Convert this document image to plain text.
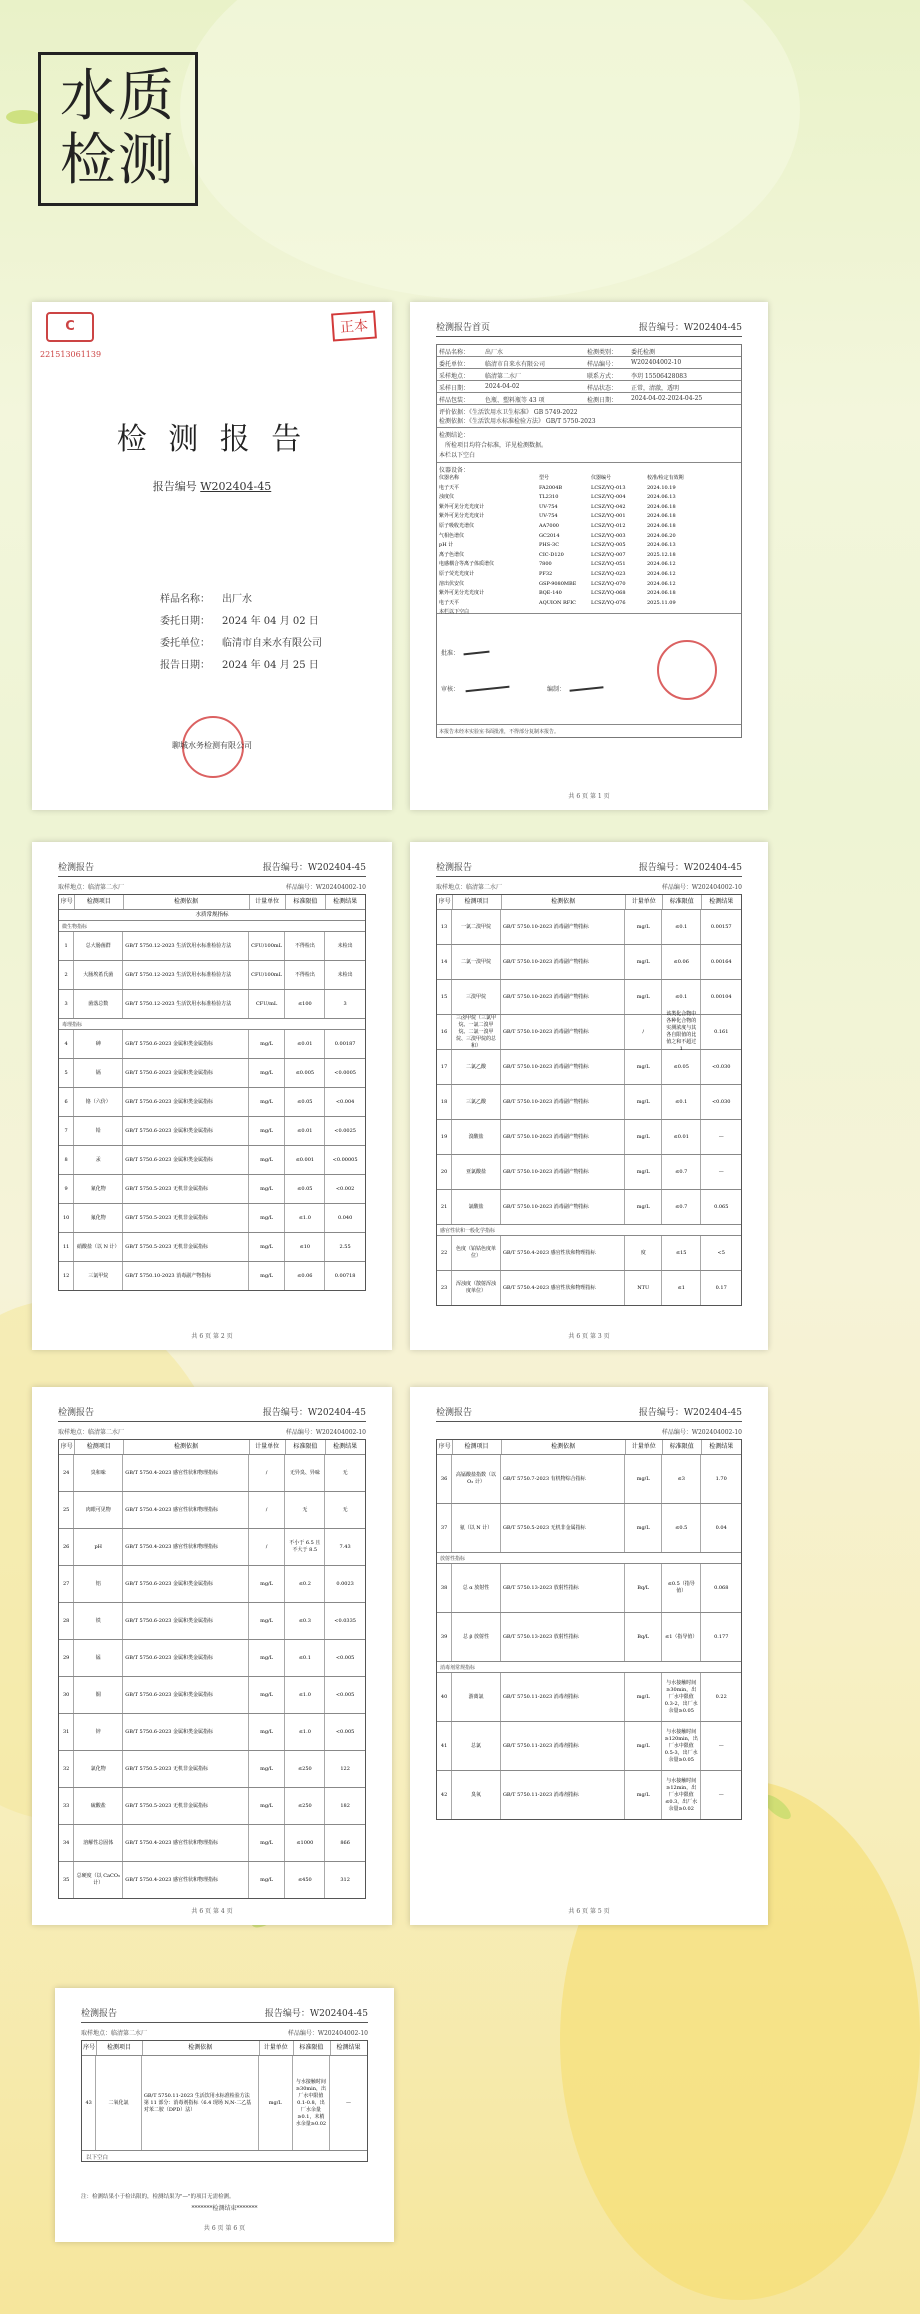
水质
检测
C
221513061139
正本
检 测 报 告
报告编号 W202404-45
样品名称： 出厂水
委托日期： 2024 年 04 月 02 日
委托单位： 临清市自来水有限公司
报告日期： 2024 年 04 月 25 日
聊城水务检测有限公司
检测报告首页	报告编号：W202404-45
样品名称：	出厂水	检测类别： 委托检测
委托单位：	临清市自来水有限公司	样品编号： W202404002-10
采样地点：	临清第二水厂	联系方式： 李玥 15506428083
采样日期：	2024-04-02	样品状态： 正常，清澈，透明
样品包装：	色瓶、塑料瓶等 43 项	检测日期： 2024-04-02-2024-04-25
评价依据：《生活饮用水卫生标准》 GB 5749-2022
检测依据：《生活饮用水标准检验方法》 GB/T 5750-2023
检测结论：
所检项目均符合标准，详见检测数据。
本栏以下空白
仪器设备：
仪器名称	型号	仪器编号	校准/检定有效期
电子天平	FA2004B	LCSZ/YQ-013	2024.10.19
浊度仪	TL2310	LCSZ/YQ-004	2024.06.13
紫外可见分光光度计	UV-754	LCSZ/YQ-042	2024.06.18
紫外可见分光光度计	UV-754	LCSZ/YQ-001	2024.06.18
原子吸收光谱仪	AA7000	LCSZ/YQ-012	2024.06.18
气相色谱仪	GC2014	LCSZ/YQ-003	2024.06.20
pH 计	PHS-3C	LCSZ/YQ-005	2024.06.13
离子色谱仪	CIC-D120	LCSZ/YQ-007	2025.12.18
电感耦合等离子体质谱仪	7800	LCSZ/YQ-051	2024.06.12
原子荧光光度计	PF32	LCSZ/YQ-023	2024.06.12
溶出伏安仪	GSP-9080MBE	LCSZ/YQ-070	2024.06.12
紫外可见分光光度计	BQE-140	LCSZ/YQ-068	2024.06.18
电子天平	AQUION RFIC	LCSZ/YQ-076	2025.11.09
本栏以下空白
批准：
审核：	编制：
本报告未经本实验室书面批准，不得部分复制本报告。
共 6 页 第 1 页
检测报告	报告编号：W202404-45
取样地点：临清第二水厂	样品编号：W202404002-10
序号	检测项目	检测依据	计量单位	标准限值	检测结果
水质常规指标
微生物指标
1	总大肠菌群	GB/T 5750.12-2023 生活饮用水标准检验方法	CFU/100mL	不得检出	未检出
2	大肠埃希氏菌 GB/T 5750.12-2023 生活饮用水标准检验方法	CFU/100mL	不得检出	未检出
3	菌落总数	GB/T 5750.12-2023 生活饮用水标准检验方法	CFU/mL	≤100	3
毒理指标
4	砷	GB/T 5750.6-2023 金属和类金属指标	mg/L	≤0.01	0.00187
5	镉	GB/T 5750.6-2023 金属和类金属指标	mg/L	≤0.005	<0.0005
6	铬（六价）	GB/T 5750.6-2023 金属和类金属指标	mg/L	≤0.05	<0.004
7	铅	GB/T 5750.6-2023 金属和类金属指标	mg/L	≤0.01	<0.0025
8	汞	GB/T 5750.6-2023 金属和类金属指标	mg/L	≤0.001	<0.00005
9	氰化物	GB/T 5750.5-2023 无机非金属指标	mg/L	≤0.05	<0.002
10	氟化物	GB/T 5750.5-2023 无机非金属指标	mg/L	≤1.0	0.040
11 硝酸盐（以 N 计） GB/T 5750.5-2023 无机非金属指标	mg/L	≤10	2.55
12	三氯甲烷	GB/T 5750.10-2023 消毒副产物指标	mg/L	≤0.06	0.00718
共 6 页 第 2 页
检测报告	报告编号：W202404-45
取样地点：临清第二水厂	样品编号：W202404002-10
序号	检测项目	检测依据	计量单位	标准限值	检测结果
13	一氯二溴甲烷 GB/T 5750.10-2023 消毒副产物指标	mg/L	≤0.1	0.00157
14	二氯一溴甲烷 GB/T 5750.10-2023 消毒副产物指标	mg/L	≤0.06	0.00164
15	三溴甲烷	GB/T 5750.10-2023 消毒副产物指标	mg/L	≤0.1	0.00104
16
三卤甲烷（三氯甲烷、一氯二溴甲烷、二氯一溴甲烷、三溴甲烷的总和）
GB/T 5750.10-2023 消毒副产物指标	/
该类化合物中各种化合物的实测浓度与其各自限值的比值之和不超过 1
0.161
17	二氯乙酸	GB/T 5750.10-2023 消毒副产物指标	mg/L	≤0.05	<0.030
18	三氯乙酸	GB/T 5750.10-2023 消毒副产物指标	mg/L	≤0.1	<0.030
19	溴酸盐	GB/T 5750.10-2023 消毒副产物指标	mg/L	≤0.01	—
20	亚氯酸盐	GB/T 5750.10-2023 消毒副产物指标	mg/L	≤0.7	—
21	氯酸盐	GB/T 5750.10-2023 消毒副产物指标	mg/L	≤0.7	0.065
感官性状和一般化学指标
22
色度（铂钴色度单位）
GB/T 5750.4-2023 感官性状和物理指标	度	≤15	<5
23
浑浊度（散射浑浊度单位）
GB/T 5750.4-2023 感官性状和物理指标	NTU	≤1	0.17
共 6 页 第 3 页
检测报告	报告编号：W202404-45
取样地点：临清第二水厂	样品编号：W202404002-10
序号	检测项目	检测依据	计量单位	标准限值	检测结果
24	臭和味	GB/T 5750.4-2023 感官性状和物理指标	/	无异臭、异味	无
25	肉眼可见物	GB/T 5750.4-2023 感官性状和物理指标	/	无	无
26	pH	GB/T 5750.4-2023 感官性状和物理指标	/
不小于 6.5 且不大于 8.5
7.43
27	铝	GB/T 5750.6-2023 金属和类金属指标	mg/L	≤0.2	0.0023
28	铁	GB/T 5750.6-2023 金属和类金属指标	mg/L	≤0.3	<0.0335
29	锰	GB/T 5750.6-2023 金属和类金属指标	mg/L	≤0.1	<0.005
30	铜	GB/T 5750.6-2023 金属和类金属指标	mg/L	≤1.0	<0.005
31	锌	GB/T 5750.6-2023 金属和类金属指标	mg/L	≤1.0	<0.005
32	氯化物	GB/T 5750.5-2023 无机非金属指标	mg/L	≤250	122
33	硫酸盐	GB/T 5750.5-2023 无机非金属指标	mg/L	≤250	182
34	溶解性总固体 GB/T 5750.4-2023 感官性状和物理指标	mg/L	≤1000	866
35
总硬度（以 CaCO₃ 计）
GB/T 5750.4-2023 感官性状和物理指标	mg/L	≤450	312
共 6 页 第 4 页
检测报告	报告编号：W202404-45
样品编号：W202404002-10
序号	检测项目	检测依据	计量单位	标准限值	检测结果
36
高锰酸盐指数（以 O₂ 计）
GB/T 5750.7-2023 有机物综合指标	mg/L	≤3	1.70
37 氨（以 N 计） GB/T 5750.5-2023 无机非金属指标	mg/L	≤0.5	0.04
放射性指标
38	总 α 放射性	GB/T 5750.13-2023 放射性指标	Bq/L
≤0.5（指导值）
0.068
39	总 β 放射性	GB/T 5750.13-2023 放射性指标	Bq/L	≤1（指导值）	0.177
消毒剂常规指标
40	游离氯	GB/T 5750.11-2023 消毒剂指标	mg/L
与水接触时间≥30min，出厂水中限值 0.3-2，出厂水余量≥0.05
0.22
41	总氯	GB/T 5750.11-2023 消毒剂指标	mg/L
与水接触时间≥120min，出厂水中限值 0.5-3，出厂水余量≥0.05
—
42	臭氧	GB/T 5750.11-2023 消毒剂指标	mg/L
与水接触时间≥12min，出厂水中限值≤0.3，出厂水余量≥0.02
—
共 6 页 第 5 页
检测报告	报告编号：W202404-45
取样地点：临清第二水厂	样品编号：W202404002-10
序号	检测项目	检测依据	计量单位	标准限值	检测结果
43	二氧化氯
GB/T 5750.11-2023 生活饮用水标准检验方法 第 11 部分：消毒剂指标（6.4 现场 N,N-二乙基对苯二胺（DPD）法）
mg/L
与水接触时间≥30min，出厂水中限值 0.1-0.8，出厂水余量≥0.1，末梢水余量≥0.02
—
以下空白
注：检测结果小于检出限的，检测结果为"—"的项目无需检测。
*******检测结束*******
共 6 页 第 6 页
